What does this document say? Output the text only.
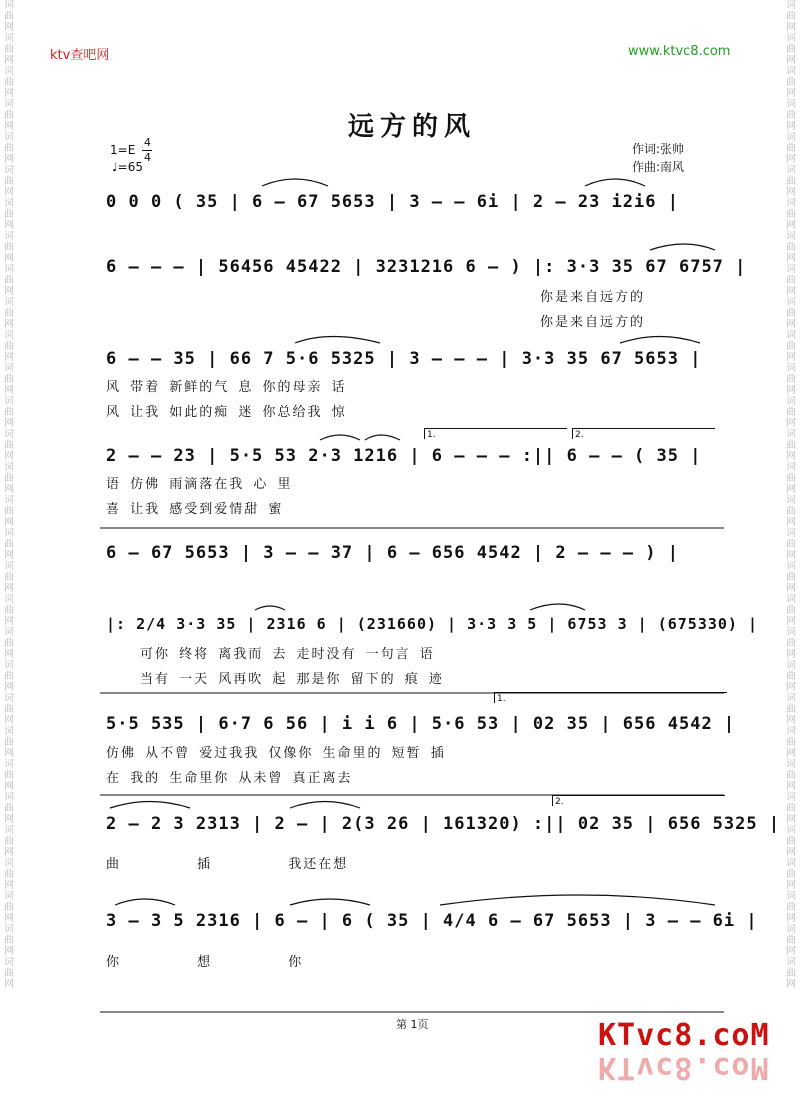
词曲网词曲网词曲网词曲网词曲网词曲网词曲网词曲网词曲网词曲网词曲网词曲网词曲网词曲网词曲网词曲网词曲网词曲网词曲网词曲网词曲网词曲网词曲网词曲网词曲网词曲网词曲网词曲网词曲网词曲网
词曲网词曲网词曲网词曲网词曲网词曲网词曲网词曲网词曲网词曲网词曲网词曲网词曲网词曲网词曲网词曲网词曲网词曲网词曲网词曲网词曲网词曲网词曲网词曲网词曲网词曲网词曲网词曲网词曲网词曲网
ktv查吧网	www.ktvc8.com
远方的风
1=E
4
4
♩=65
作词:张帅
作曲:南风
0 0 0 ( 35 | 6 – 67 5653 | 3 – – 6i | 2 – 23 i2i6 |
6 – – – | 56456 45422 | 3231216 6 – ) |: 3·3 35 67 6757 |
你是来自远方的
你是来自远方的
6 – – 35 | 66 7 5·6 5325 | 3 – – – | 3·3 35 67 5653 |
风 带着 新鲜的气 息 你的母亲 话
风 让我 如此的痴 迷 你总给我 惊
1.	2.
2 – – 23 | 5·5 53 2·3 1216 | 6 – – – :|| 6 – – ( 35 |
语 仿佛 雨滴落在我 心 里
喜 让我 感受到爱情甜 蜜
6 – 67 5653 | 3 – – 37 | 6 – 656 4542 | 2 – – – ) |
|: 2/4 3·3 35 | 2316 6 | (231660) | 3·3 3 5 | 6753 3 | (675330) |
可你 终将 离我而 去 走时没有 一句言 语
当有 一天 风再吹 起 那是你 留下的 痕 迹
1.
5·5 535 | 6·7 6 56 | i i 6 | 5·6 53 | 02 35 | 656 4542 |
仿佛 从不曾 爱过我我 仅像你 生命里的 短暂 插
在 我的 生命里你 从未曾 真正离去
2.
2 – 2 3 2313 | 2 – | 2(3 26 | 161320) :|| 02 35 | 656 5325 |
曲 插 我还在想
3 – 3 5 2316 | 6 – | 6 ( 35 | 4/4 6 – 67 5653 | 3 – – 6i |
你 想 你
第 1页	KTvc8.coM
KTvc8.coM
